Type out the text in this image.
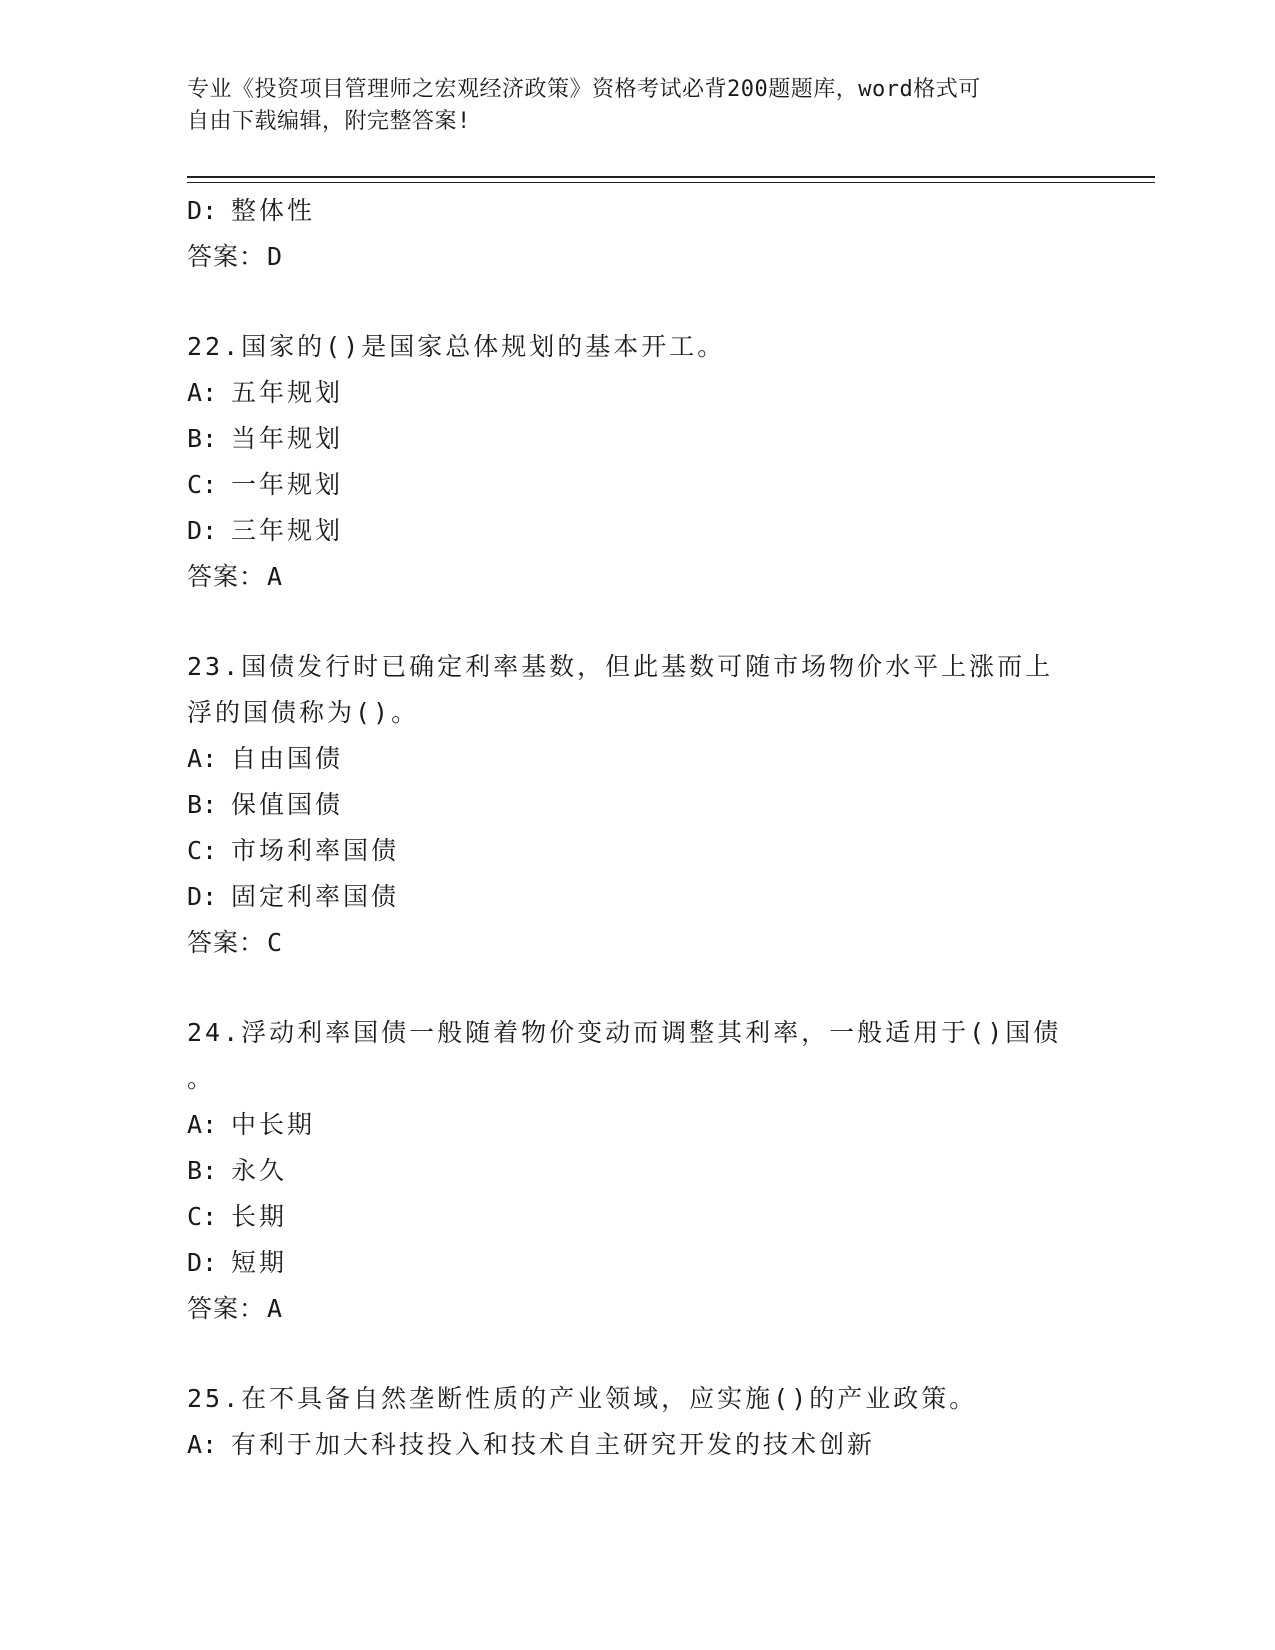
专业《投资项目管理师之宏观经济政策》资格考试必背200题题库，word格式可
自由下载编辑，附完整答案!
D: 整体性
答案：D
22.国家的()是国家总体规划的基本开工。
A: 五年规划
B: 当年规划
C: 一年规划
D: 三年规划
答案：A
23.国债发行时已确定利率基数，但此基数可随市场物价水平上涨而上
浮的国债称为()。
A: 自由国债
B: 保值国债
C: 市场利率国债
D: 固定利率国债
答案：C
24.浮动利率国债一般随着物价变动而调整其利率，一般适用于()国债
。
A: 中长期
B: 永久
C: 长期
D: 短期
答案：A
25.在不具备自然垄断性质的产业领域，应实施()的产业政策。
A: 有利于加大科技投入和技术自主研究开发的技术创新
